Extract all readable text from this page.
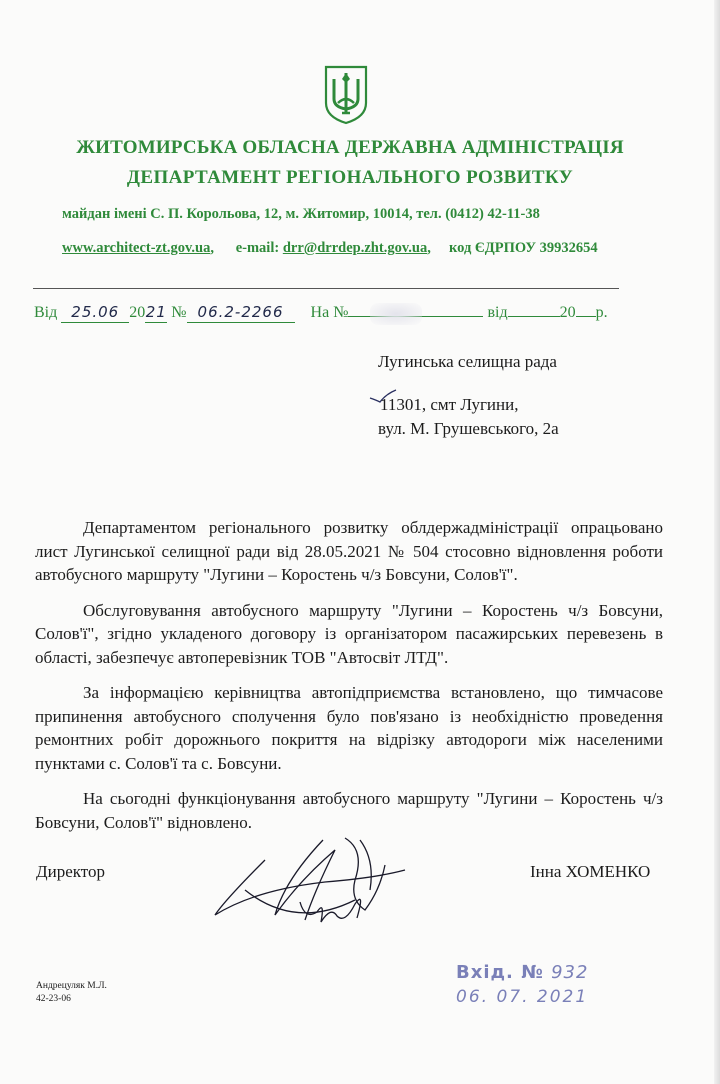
ЖИТОМИРСЬКА ОБЛАСНА ДЕРЖАВНА АДМІНІСТРАЦІЯ
ДЕПАРТАМЕНТ РЕГІОНАЛЬНОГО РОЗВИТКУ
майдан імені С. П. Корольова, 12, м. Житомир, 10014, тел. (0412) 42-11-38
www.architect-zt.gov.ua,      e-mail: drr@drrdep.zht.gov.ua,     код ЄДРПОУ 39932654
Від 25.06 2021 № 06.2-2266 На №	від	20 р.
Лугинська селищна рада
11301, смт Лугини,
вул. М. Грушевського, 2а

Департаментом регіонального розвитку облдержадміністрації опрацьовано лист Лугинської селищної ради від 28.05.2021 № 504 стосовно відновлення роботи автобусного маршруту "Лугини – Коростень ч/з Бовсуни, Солов'ї".

Обслуговування автобусного маршруту "Лугини – Коростень ч/з Бовсуни, Солов'ї", згідно укладеного договору із організатором пасажирських перевезень в області, забезпечує автоперевізник ТОВ "Автосвіт ЛТД".

За інформацією керівництва автопідприємства встановлено, що тимчасове припинення автобусного сполучення було пов'язано із необхідністю проведення ремонтних робіт дорожнього покриття на відрізку автодороги між населеними пунктами с. Солов'ї та с. Бовсуни.

На сьогодні функціонування автобусного маршруту "Лугини – Коростень ч/з Бовсуни, Солов'ї" відновлено.

Директор	Інна ХОМЕНКО
Андрецуляк М.Л.
42-23-06
Вхід. № 932
06. 07. 2021
